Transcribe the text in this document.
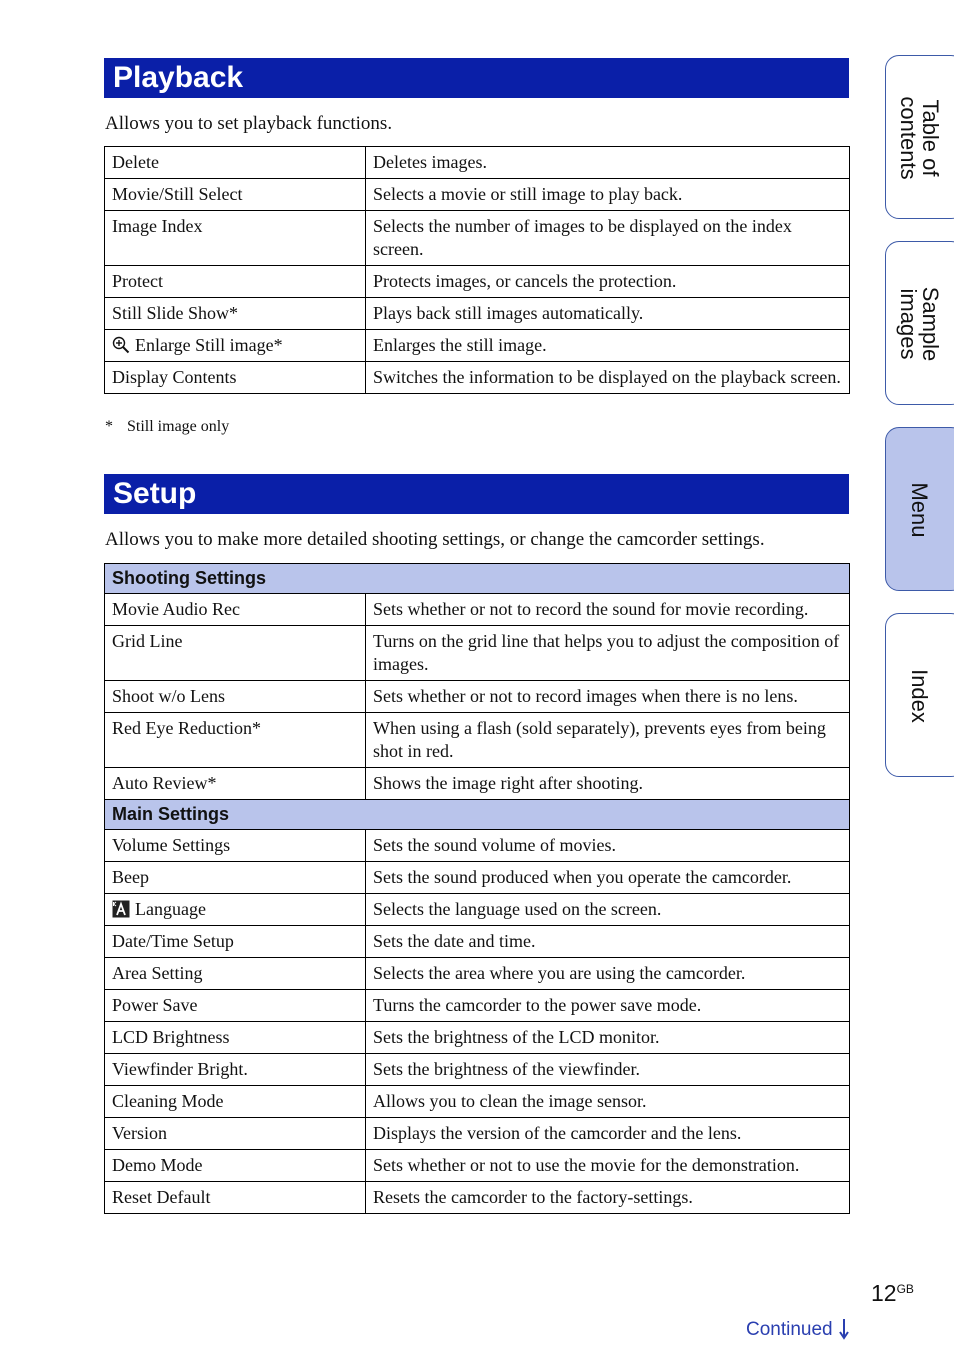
Playback
Allows you to set playback functions.
Delete	Deletes images.
Movie/Still Select	Selects a movie or still image to play back.
Image Index	Selects the number of images to be displayed on the index screen.
Protect	Protects images, or cancels the protection.
Still Slide Show*	Plays back still images automatically.
Enlarge Still image*	Enlarges the still image.
Display Contents	Switches the information to be displayed on the playback screen.
* Still image only
Setup
Allows you to make more detailed shooting settings, or change the camcorder settings.
Shooting Settings	
Movie Audio Rec	Sets whether or not to record the sound for movie recording.
Grid Line	Turns on the grid line that helps you to adjust the composition of images.
Shoot w/o Lens	Sets whether or not to record images when there is no lens.
Red Eye Reduction*	When using a flash (sold separately), prevents eyes from being shot in red.
Auto Review*	Shows the image right after shooting.
Main Settings	
Volume Settings	Sets the sound volume of movies.
Beep	Sets the sound produced when you operate the camcorder.
Language	Selects the language used on the screen.
Date/Time Setup	Sets the date and time.
Area Setting	Selects the area where you are using the camcorder.
Power Save	Turns the camcorder to the power save mode.
LCD Brightness	Sets the brightness of the LCD monitor.
Viewfinder Bright.	Sets the brightness of the viewfinder.
Cleaning Mode	Allows you to clean the image sensor.
Version	Displays the version of the camcorder and the lens.
Demo Mode	Sets whether or not to use the movie for the demonstration.
Reset Default	Resets the camcorder to the factory-settings.
Table of
contents
Sample
images
Menu
Index
$12^{GB}$
Continued
